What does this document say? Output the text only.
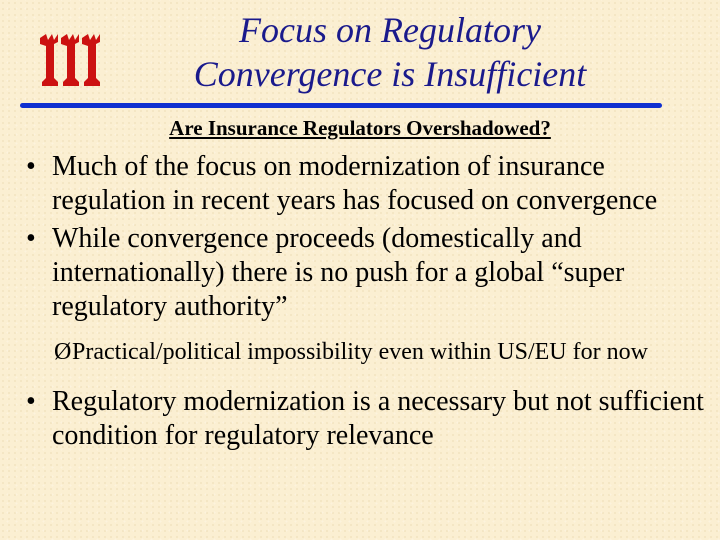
Focus on Regulatory
Convergence is Insufficient
Are Insurance Regulators Overshadowed?
• Much of the focus on modernization of insurance regulation in recent years has focused on convergence
• While convergence proceeds (domestically and internationally) there is no push for a global “super regulatory authority”
Ø Practical/political impossibility even within US/EU for now
• Regulatory modernization is a necessary but not sufficient condition for regulatory relevance
